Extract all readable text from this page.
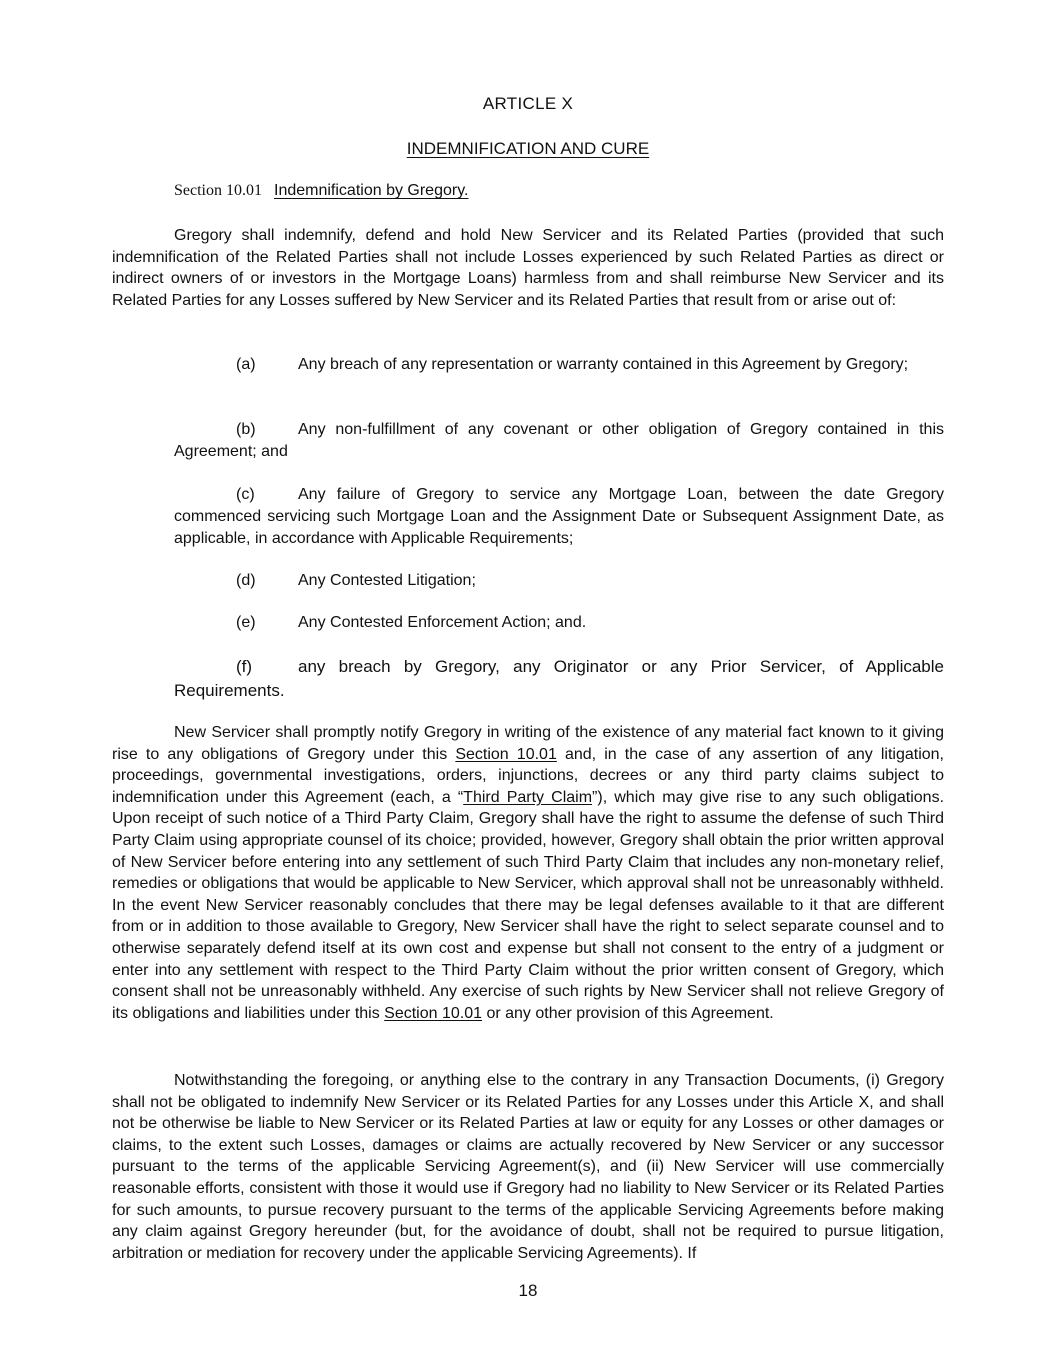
ARTICLE X
INDEMNIFICATION AND CURE
Section 10.01 Indemnification by Gregory.

Gregory shall indemnify, defend and hold New Servicer and its Related Parties (provided that such indemnification of the Related Parties shall not include Losses experienced by such Related Parties as direct or indirect owners of or investors in the Mortgage Loans) harmless from and shall reimburse New Servicer and its Related Parties for any Losses suffered by New Servicer and its Related Parties that result from or arise out of:

(a)	Any breach of any representation or warranty contained in this Agreement by Gregory;

(b)	Any non-fulfillment of any covenant or other obligation of Gregory contained in this Agreement; and

(c)	Any failure of Gregory to service any Mortgage Loan, between the date Gregory commenced servicing such Mortgage Loan and the Assignment Date or Subsequent Assignment Date, as applicable, in accordance with Applicable Requirements;

(d)	Any Contested Litigation;

(e)	Any Contested Enforcement Action; and.

(f)	any breach by Gregory, any Originator or any Prior Servicer, of Applicable Requirements.

New Servicer shall promptly notify Gregory in writing of the existence of any material fact known to it giving rise to any obligations of Gregory under this Section 10.01 and, in the case of any assertion of any litigation, proceedings, governmental investigations, orders, injunctions, decrees or any third party claims subject to indemnification under this Agreement (each, a “Third Party Claim”), which may give rise to any such obligations. Upon receipt of such notice of a Third Party Claim, Gregory shall have the right to assume the defense of such Third Party Claim using appropriate counsel of its choice; provided, however, Gregory shall obtain the prior written approval of New Servicer before entering into any settlement of such Third Party Claim that includes any non-monetary relief, remedies or obligations that would be applicable to New Servicer, which approval shall not be unreasonably withheld. In the event New Servicer reasonably concludes that there may be legal defenses available to it that are different from or in addition to those available to Gregory, New Servicer shall have the right to select separate counsel and to otherwise separately defend itself at its own cost and expense but shall not consent to the entry of a judgment or enter into any settlement with respect to the Third Party Claim without the prior written consent of Gregory, which consent shall not be unreasonably withheld. Any exercise of such rights by New Servicer shall not relieve Gregory of its obligations and liabilities under this Section 10.01 or any other provision of this Agreement.

Notwithstanding the foregoing, or anything else to the contrary in any Transaction Documents, (i) Gregory shall not be obligated to indemnify New Servicer or its Related Parties for any Losses under this Article X, and shall not be otherwise be liable to New Servicer or its Related Parties at law or equity for any Losses or other damages or claims, to the extent such Losses, damages or claims are actually recovered by New Servicer or any successor pursuant to the terms of the applicable Servicing Agreement(s), and (ii) New Servicer will use commercially reasonable efforts, consistent with those it would use if Gregory had no liability to New Servicer or its Related Parties for such amounts, to pursue recovery pursuant to the terms of the applicable Servicing Agreements before making any claim against Gregory hereunder (but, for the avoidance of doubt, shall not be required to pursue litigation, arbitration or mediation for recovery under the applicable Servicing Agreements). If

18
